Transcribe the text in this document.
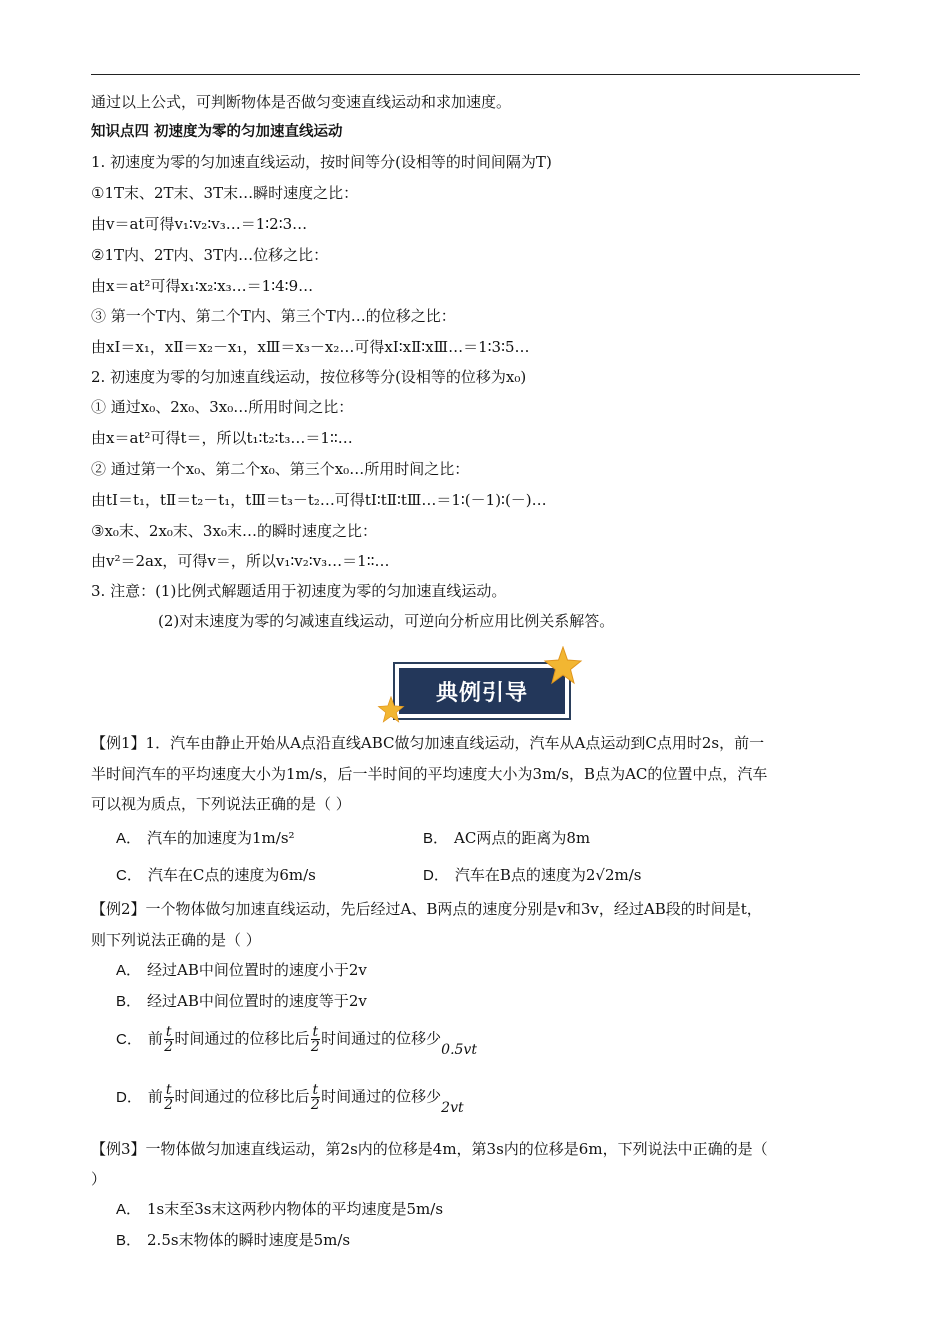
通过以上公式，可判断物体是否做匀变速直线运动和求加速度。
知识点四 初速度为零的匀加速直线运动
1. 初速度为零的匀加速直线运动，按时间等分(设相等的时间间隔为T)
①1T末、2T末、3T末…瞬时速度之比：
由v＝at可得v₁∶v₂∶v₃…＝1∶2∶3…
②1T内、2T内、3T内…位移之比：
由x＝at²可得x₁∶x₂∶x₃…＝1∶4∶9…
③ 第一个T内、第二个T内、第三个T内…的位移之比：
由xⅠ＝x₁，xⅡ＝x₂－x₁，xⅢ＝x₃－x₂…可得xⅠ∶xⅡ∶xⅢ…＝1∶3∶5…
2. 初速度为零的匀加速直线运动，按位移等分(设相等的位移为x₀)
① 通过x₀、2x₀、3x₀…所用时间之比：
由x＝at²可得t＝，所以t₁∶t₂∶t₃…＝1∶∶…
② 通过第一个x₀、第二个x₀、第三个x₀…所用时间之比：
由tⅠ＝t₁，tⅡ＝t₂－t₁，tⅢ＝t₃－t₂…可得tⅠ∶tⅡ∶tⅢ…＝1∶(－1)∶(－)…
③x₀末、2x₀末、3x₀末…的瞬时速度之比：
由v²＝2ax，可得v＝，所以v₁∶v₂∶v₃…＝1∶∶…
3. 注意：(1)比例式解题适用于初速度为零的匀加速直线运动。
(2)对末速度为零的匀减速直线运动，可逆向分析应用比例关系解答。
典例引导
【例1】1．汽车由静止开始从A点沿直线ABC做匀加速直线运动，汽车从A点运动到C点用时2s，前一
半时间汽车的平均速度大小为1m/s，后一半时间的平均速度大小为3m/s，B点为AC的位置中点，汽车
可以视为质点，下列说法正确的是（ ）
A． 汽车的加速度为1m/s²	B． AC两点的距离为8m
C． 汽车在C点的速度为6m/s	D． 汽车在B点的速度为2√2m/s
【例2】一个物体做匀加速直线运动，先后经过A、B两点的速度分别是v和3v，经过AB段的时间是t，
则下列说法正确的是（ ）
A． 经过AB中间位置时的速度小于2v
B． 经过AB中间位置时的速度等于2v
C． 前 $\frac{t}{2}$ 时间通过的位移比后 $\frac{t}{2}$ 时间通过的位移少0.5vt
D． 前 $\frac{t}{2}$ 时间通过的位移比后 $\frac{t}{2}$ 时间通过的位移少2vt
【例3】一物体做匀加速直线运动，第2s内的位移是4m，第3s内的位移是6m，下列说法中正确的是（
）
A． 1s末至3s末这两秒内物体的平均速度是5m/s
B． 2.5s末物体的瞬时速度是5m/s
